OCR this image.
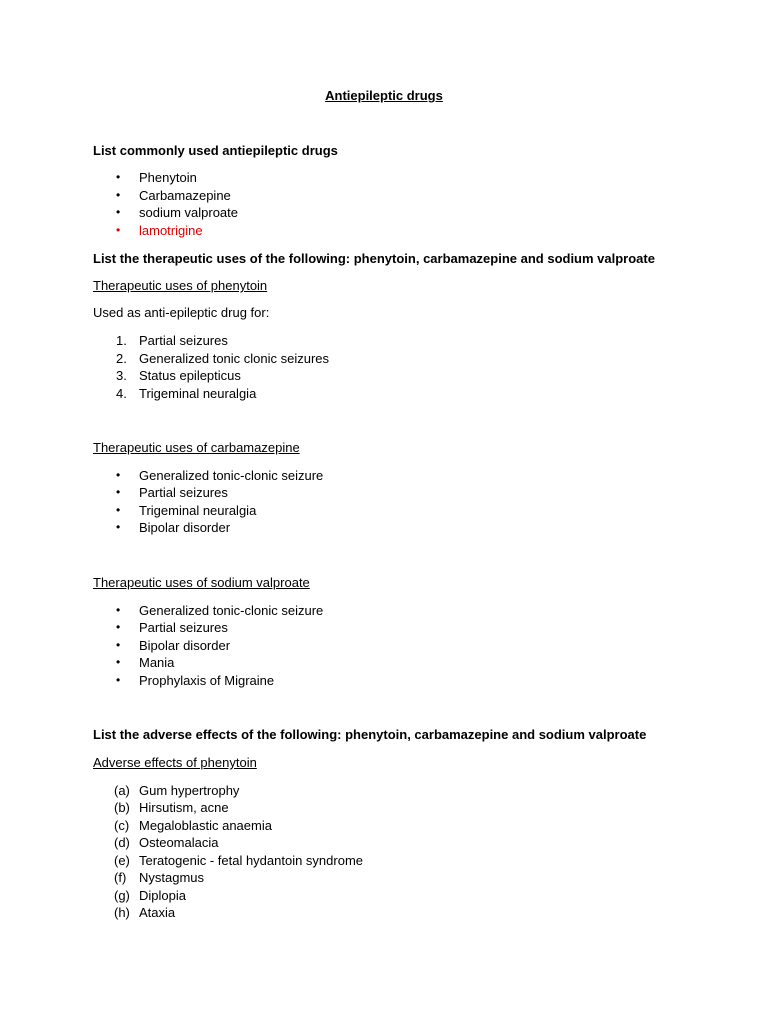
Antiepileptic drugs
List commonly used antiepileptic drugs
• Phenytoin
• Carbamazepine
• sodium valproate
• lamotrigine
List the therapeutic uses of the following: phenytoin, carbamazepine and sodium valproate
Therapeutic uses of phenytoin
Used as anti-epileptic drug for:
1. Partial seizures
2. Generalized tonic clonic seizures
3. Status epilepticus
4. Trigeminal neuralgia
Therapeutic uses of carbamazepine
• Generalized tonic-clonic seizure
• Partial seizures
• Trigeminal neuralgia
• Bipolar disorder
Therapeutic uses of sodium valproate
• Generalized tonic-clonic seizure
• Partial seizures
• Bipolar disorder
• Mania
• Prophylaxis of Migraine
List the adverse effects of the following: phenytoin, carbamazepine and sodium valproate
Adverse effects of phenytoin
(a) Gum hypertrophy
(b) Hirsutism, acne
(c) Megaloblastic anaemia
(d) Osteomalacia
(e) Teratogenic - fetal hydantoin syndrome
(f) Nystagmus
(g) Diplopia
(h) Ataxia
